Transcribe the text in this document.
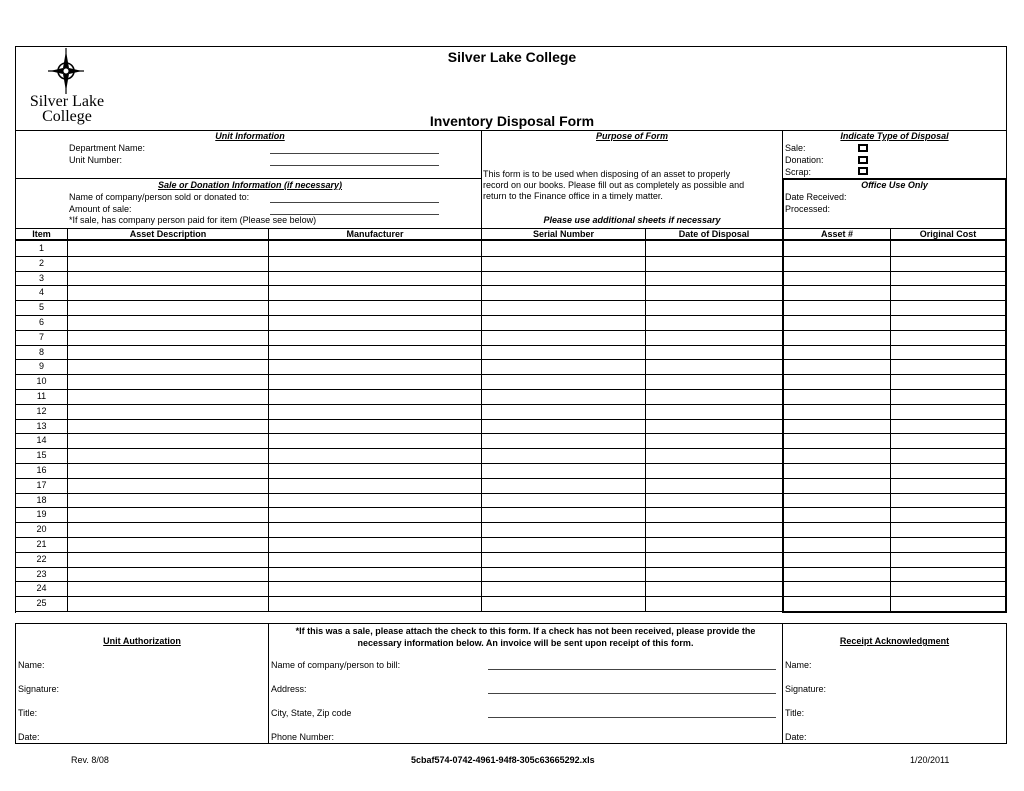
Silver Lake
College
Silver Lake College
Inventory Disposal Form
Unit Information
Department Name:
Unit Number:
Sale or Donation Information (if necessary)
Name of company/person sold or donated to:
Amount of sale:
*If sale, has company person paid for item (Please see below)
Purpose of Form
This form is to be used when disposing of an asset to properly
record on our books. Please fill out as completely as possible and
return to the Finance office in a timely matter.
Please use additional sheets if necessary
Indicate Type of Disposal
Sale:
Donation:
Scrap:
Office Use Only
Date Received:
Processed:
Item	Asset Description	Manufacturer	Serial Number	Date of Disposal	Asset #	Original Cost
1
2
3
4
5
6
7
8
9
10
11
12
13
14
15
16
17
18
19
20
21
22
23
24
25
Unit Authorization
Name:
Signature:
Title:
Date:
*If this was a sale, please attach the check to this form. If a check has not been received, please provide the
necessary information below. An invoice will be sent upon receipt of this form.
Name of company/person to bill:
Address:
City, State, Zip code
Phone Number:
Receipt Acknowledgment
Name:
Signature:
Title:
Date:
Rev. 8/08	5cbaf574-0742-4961-94f8-305c63665292.xls	1/20/2011
